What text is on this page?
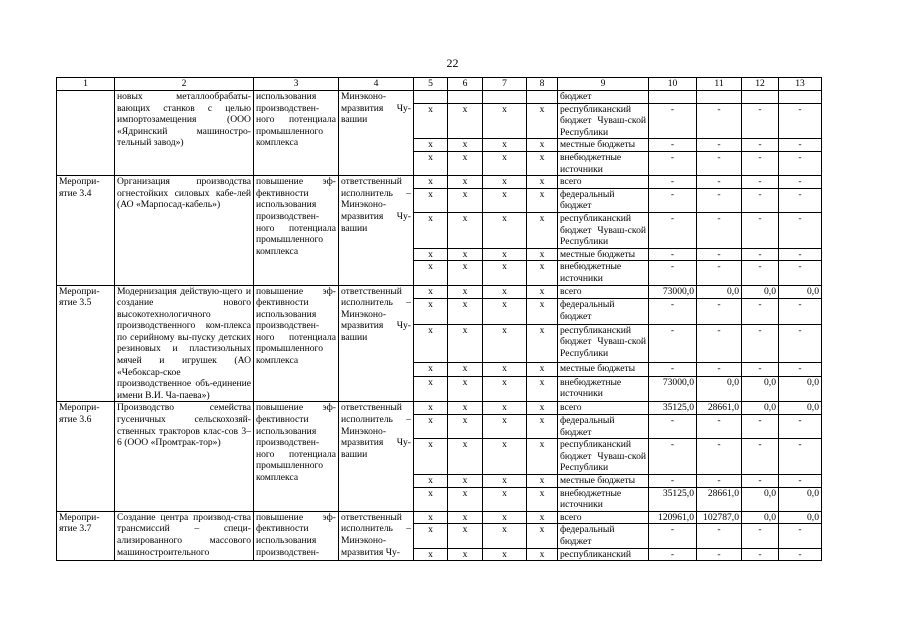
22
1	2	3	4	5	6	7	8	9	10	11	12	13
	новых металлообрабаты-вающих станков с целью импортозамещения (ООО «Ядринский машиностро-тельный завод»)	использования производствен-ного потенциала промышленного комплекса	Минэконо-мразвития Чу-вашии					бюджет				
				x	x	x	x	республиканский бюджет Чуваш-ской Республики	-	-	-	-
				x	x	x	x	местные бюджеты	-	-	-	-
				x	x	x	x	внебюджетные источники	-	-	-	-
Меропри-ятие 3.4	Организация производства огнестойких силовых кабе-лей (АО «Марпосад-кабель»)	повышение эф-фективности использования производствен-ного потенциала промышленного комплекса	ответственный исполнитель – Минэконо-мразвития Чу-вашии	x	x	x	x	всего	-	-	-	-
				x	x	x	x	федеральный бюджет	-	-	-	-
				x	x	x	x	республиканский бюджет Чуваш-ской Республики	-	-	-	-
				x	x	x	x	местные бюджеты	-	-	-	-
				x	x	x	x	внебюджетные источники	-	-	-	-
Меропри-ятие 3.5	Модернизация действую-щего и создание нового высокотехнологичного производственного ком-плекса по серийному вы-пуску детских резиновых и пластизольных мячей и игрушек (АО «Чебоксар-ское производственное объ-единение имени В.И. Ча-паева»)	повышение эф-фективности использования производствен-ного потенциала промышленного комплекса	ответственный исполнитель – Минэконо-мразвития Чу-вашии	x	x	x	x	всего	73000,0	0,0	0,0	0,0
				x	x	x	x	федеральный бюджет	-	-	-	-
				x	x	x	x	республиканский бюджет Чуваш-ской Республики	-	-	-	-
				x	x	x	x	местные бюджеты	-	-	-	-
				x	x	x	x	внебюджетные источники	73000,0	0,0	0,0	0,0
Меропри-ятие 3.6	Производство семейства гусеничных сельскохозяй-ственных тракторов клас-сов 3–6 (ООО «Промтрак-тор»)	повышение эф-фективности использования производствен-ного потенциала промышленного комплекса	ответственный исполнитель – Минэконо-мразвития Чу-вашии	x	x	x	x	всего	35125,0	28661,0	0,0	0,0
				x	x	x	x	федеральный бюджет	-	-	-	-
				x	x	x	x	республиканский бюджет Чуваш-ской Республики	-	-	-	-
				x	x	x	x	местные бюджеты	-	-	-	-
				x	x	x	x	внебюджетные источники	35125,0	28661,0	0,0	0,0
Меропри-ятие 3.7	Создание центра производ-ства трансмиссий – специ-ализированного массового машиностроительного	повышение эф-фективности использования производствен-	ответственный исполнитель – Минэконо-мразвития Чу-	x	x	x	x	всего	120961,0	102787,0	0,0	0,0
				x	x	x	x	федеральный бюджет	-	-	-	-
				x	x	x	x	республиканский	-	-	-	-
